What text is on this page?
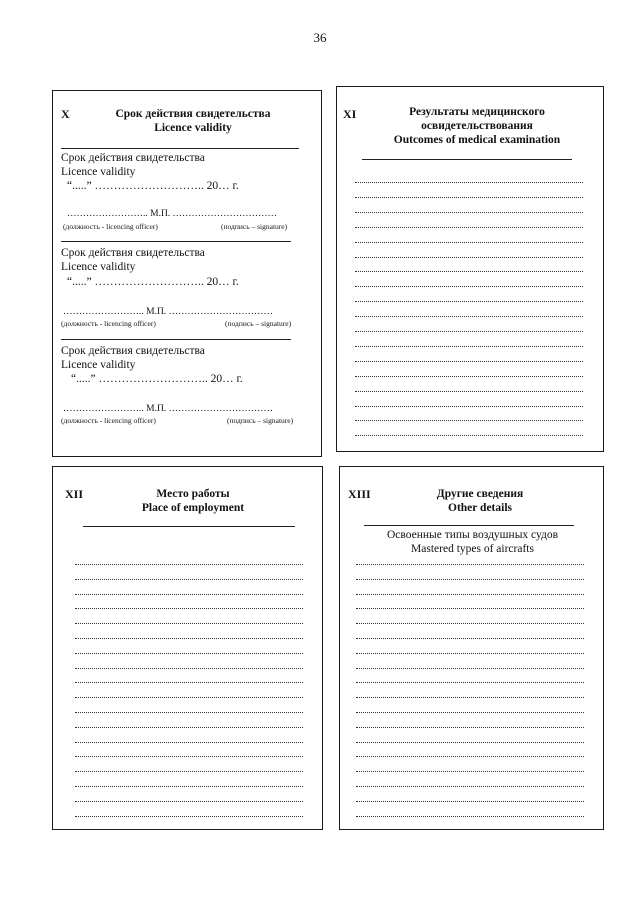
36
X	Срок действия свидетельства
Licence validity
Срок действия свидетельства
Licence validity
“.....” ……………………….. 20… г.
…………………….. М.П. ……………………………
(должность - licencing officer)	(подпись – signature)
Срок действия свидетельства
Licence validity
“.....” ……………………….. 20… г.
…………………….. М.П. ……………………………
(должность - licencing officer)	(подпись – signature)
Срок действия свидетельства
Licence validity
“.....” ……………………….. 20… г.
…………………….. М.П. ……………………………
(должность - licencing officer)	(подпись – signature)
XI	Результаты медицинского
освидетельствования
Outcomes of medical examination
XII	Место работы
Place of employment
XIII	Другие сведения
Other details
Освоенные типы воздушных судов
Mastered types of aircrafts
